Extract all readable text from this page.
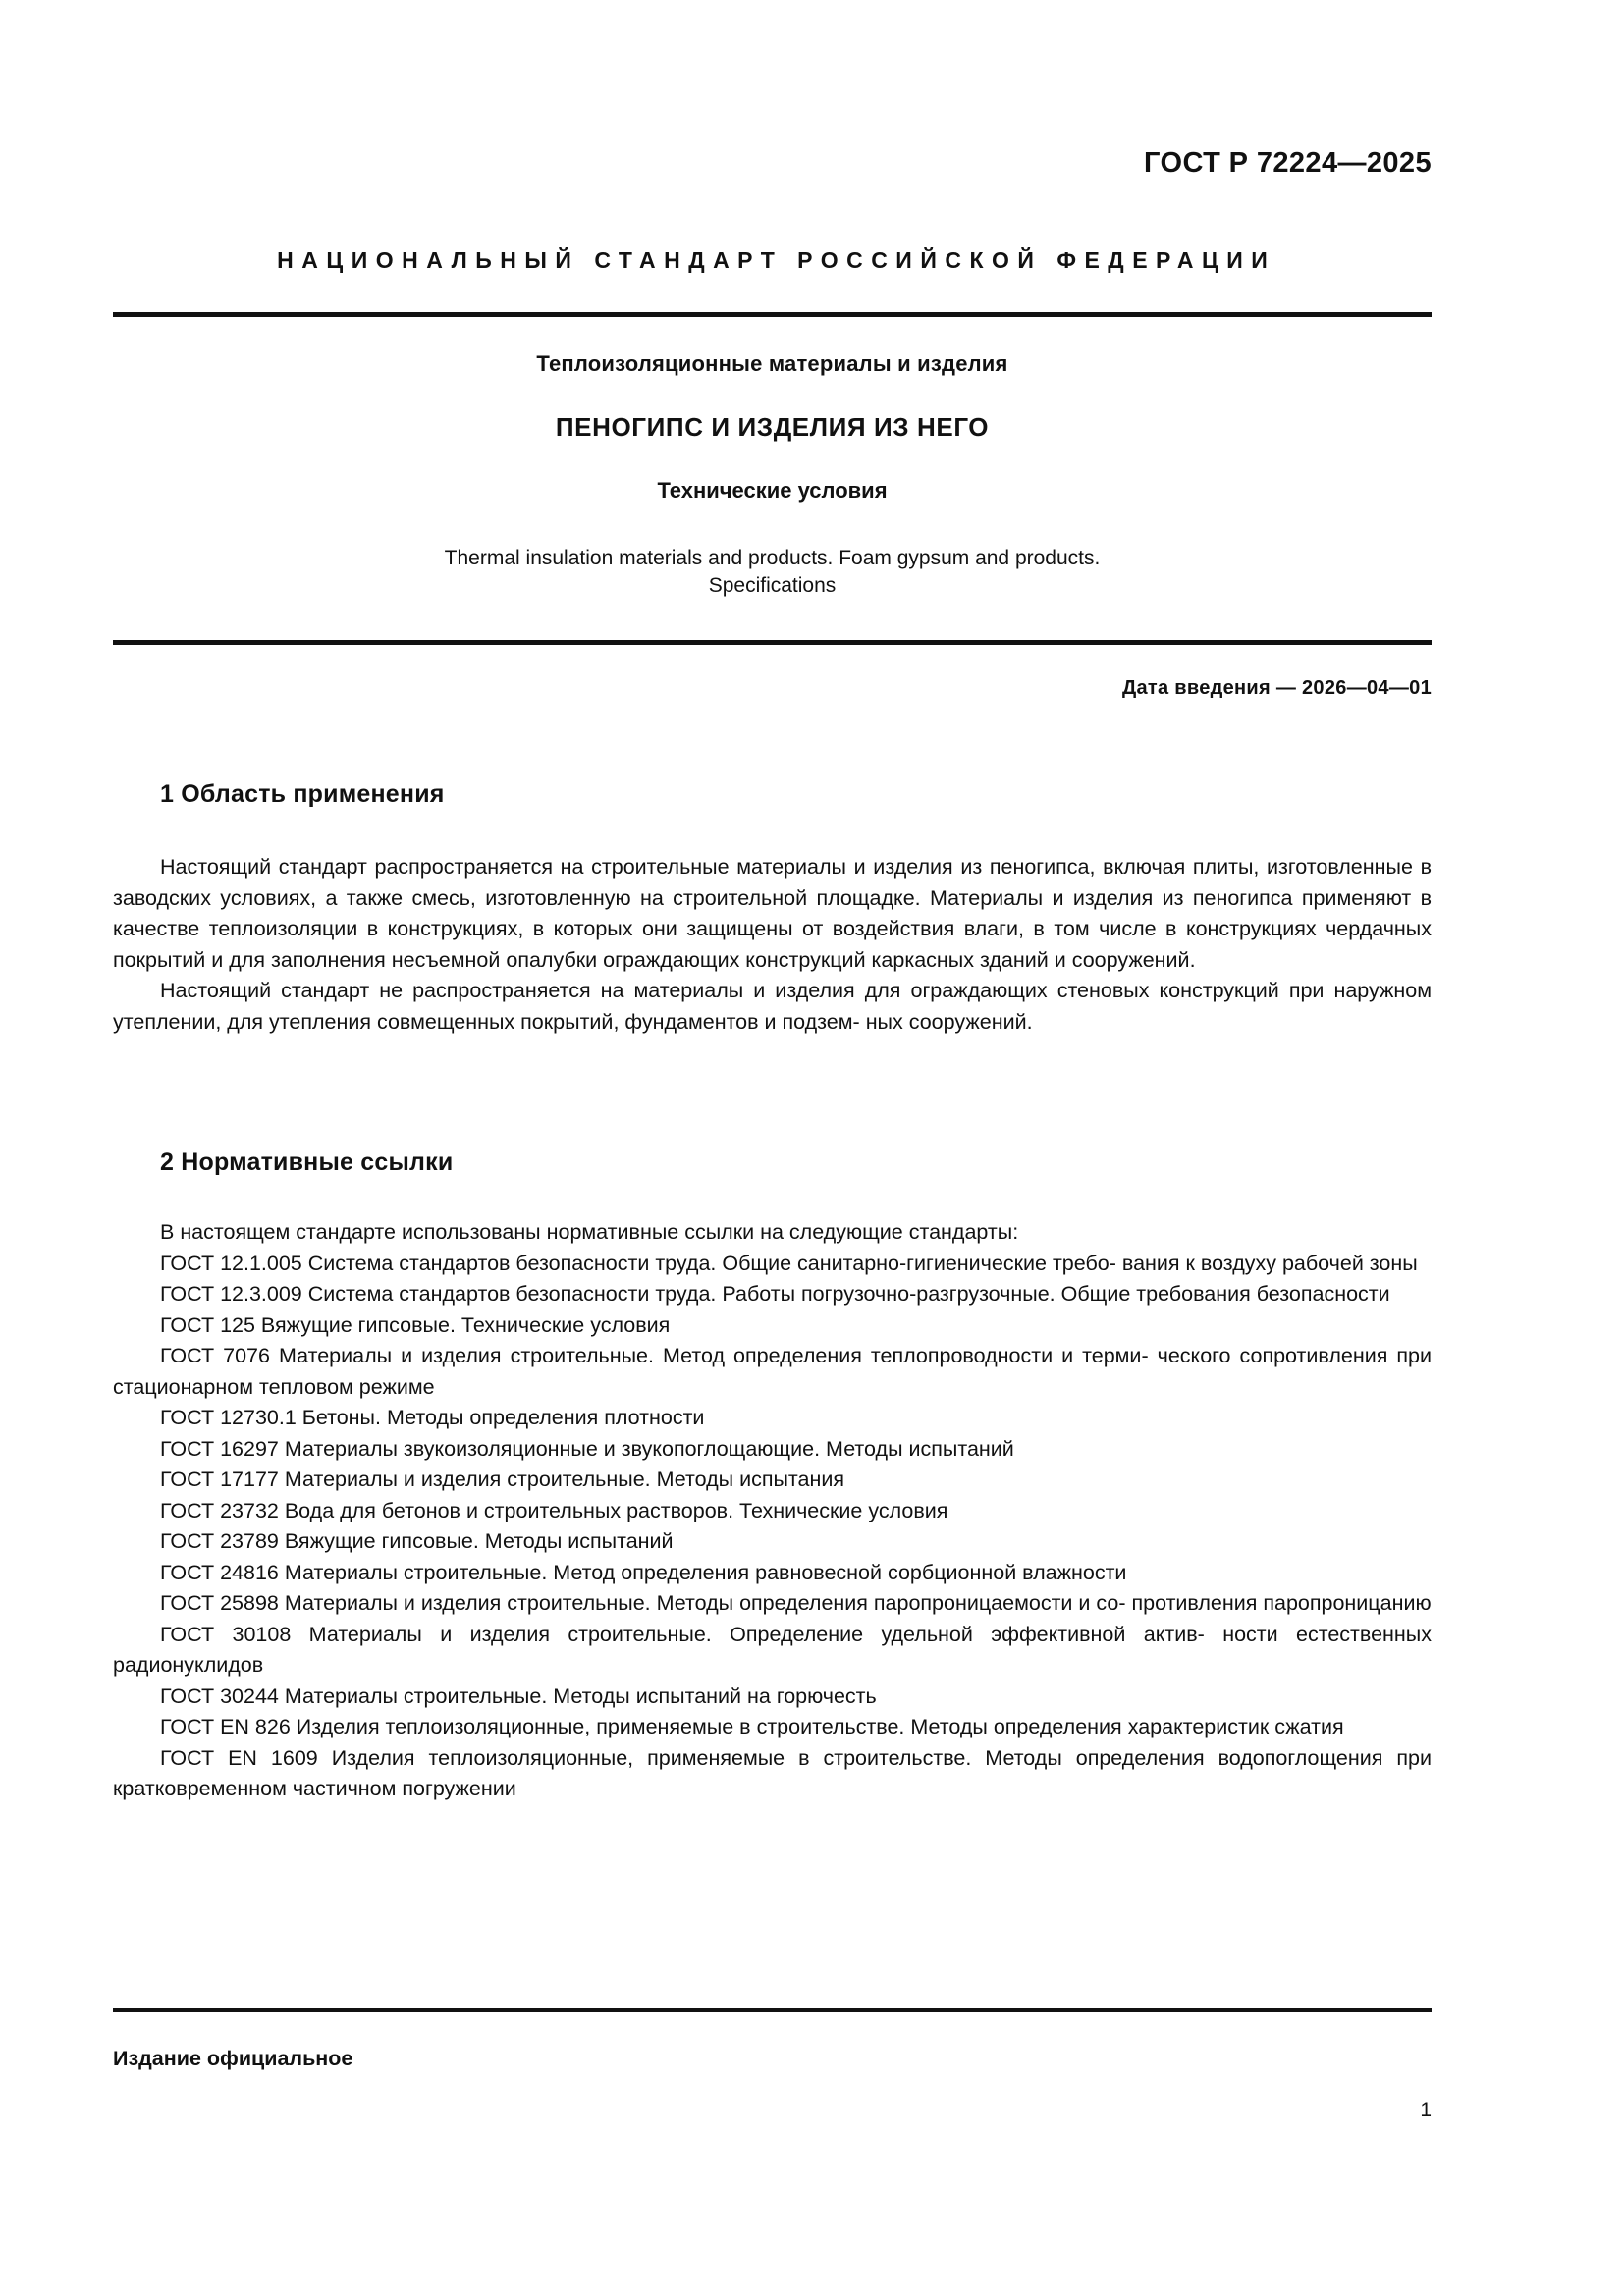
ГОСТ Р 72224—2025
НАЦИОНАЛЬНЫЙ СТАНДАРТ РОССИЙСКОЙ ФЕДЕРАЦИИ

Теплоизоляционные материалы и изделия

ПЕНОГИПС И ИЗДЕЛИЯ ИЗ НЕГО

Технические условия

Thermal insulation materials and products. Foam gypsum and products.
Specifications

Дата введения — 2026—04—01
1 Область применения

Настоящий стандарт распространяется на строительные материалы и изделия из пеногипса, включая плиты, изготовленные в заводских условиях, а также смесь, изготовленную на строительной площадке. Материалы и изделия из пеногипса применяют в качестве теплоизоляции в конструкциях, в которых они защищены от воздействия влаги, в том числе в конструкциях чердачных покрытий и для заполнения несъемной опалубки ограждающих конструкций каркасных зданий и сооружений.

Настоящий стандарт не распространяется на материалы и изделия для ограждающих стеновых конструкций при наружном утеплении, для утепления совмещенных покрытий, фундаментов и подзем- ных сооружений.

2 Нормативные ссылки

В настоящем стандарте использованы нормативные ссылки на следующие стандарты:

ГОСТ 12.1.005 Система стандартов безопасности труда. Общие санитарно-гигиенические требо- вания к воздуху рабочей зоны

ГОСТ 12.3.009 Система стандартов безопасности труда. Работы погрузочно-разгрузочные. Общие требования безопасности

ГОСТ 125 Вяжущие гипсовые. Технические условия

ГОСТ 7076 Материалы и изделия строительные. Метод определения теплопроводности и терми- ческого сопротивления при стационарном тепловом режиме

ГОСТ 12730.1 Бетоны. Методы определения плотности

ГОСТ 16297 Материалы звукоизоляционные и звукопоглощающие. Методы испытаний

ГОСТ 17177 Материалы и изделия строительные. Методы испытания

ГОСТ 23732 Вода для бетонов и строительных растворов. Технические условия

ГОСТ 23789 Вяжущие гипсовые. Методы испытаний

ГОСТ 24816 Материалы строительные. Метод определения равновесной сорбционной влажности

ГОСТ 25898 Материалы и изделия строительные. Методы определения паропроницаемости и со- противления паропроницанию

ГОСТ 30108 Материалы и изделия строительные. Определение удельной эффективной актив- ности естественных радионуклидов

ГОСТ 30244 Материалы строительные. Методы испытаний на горючесть

ГОСТ EN 826 Изделия теплоизоляционные, применяемые в строительстве. Методы определения характеристик сжатия

ГОСТ EN 1609 Изделия теплоизоляционные, применяемые в строительстве. Методы определения водопоглощения при кратковременном частичном погружении

Издание официальное
1
